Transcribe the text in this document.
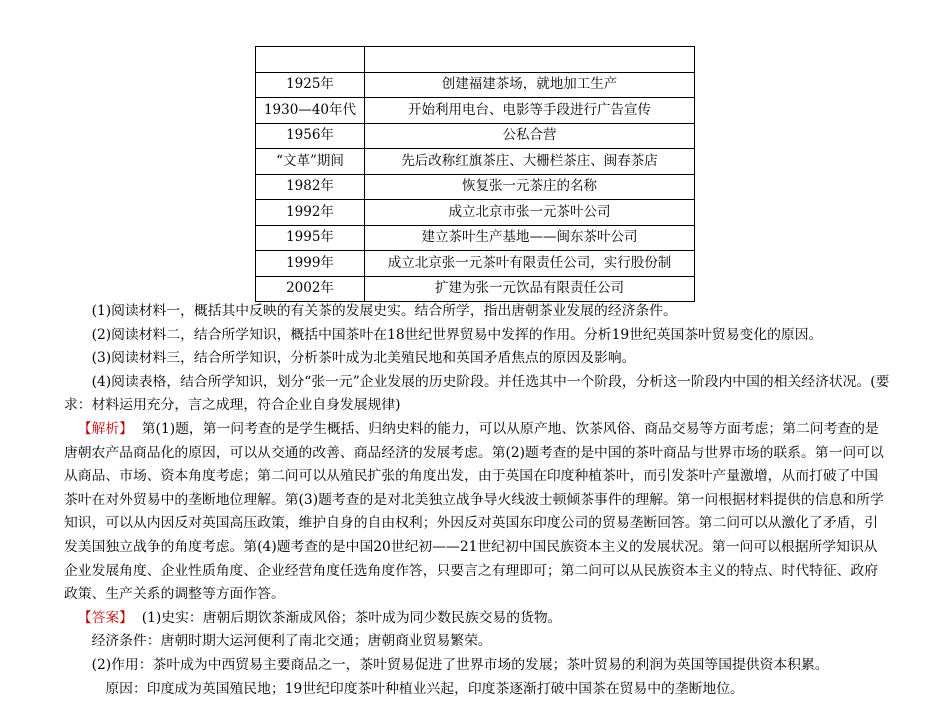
1925年	创建福建茶场，就地加工生产
1930—40年代	开始利用电台、电影等手段进行广告宣传
1956年	公私合营
“文革”期间	先后改称红旗茶庄、大栅栏茶庄、闽春茶店
1982年	恢复张一元茶庄的名称
1992年	成立北京市张一元茶叶公司
1995年	建立茶叶生产基地——闽东茶叶公司
1999年	成立北京张一元茶叶有限责任公司，实行股份制
2002年	扩建为张一元饮品有限责任公司

(1)阅读材料一，概括其中反映的有关茶的发展史实。结合所学，指出唐朝茶业发展的经济条件。

(2)阅读材料二，结合所学知识，概括中国茶叶在18世纪世界贸易中发挥的作用。分析19世纪英国茶叶贸易变化的原因。

(3)阅读材料三，结合所学知识，分析茶叶成为北美殖民地和英国矛盾焦点的原因及影响。

(4)阅读表格，结合所学知识，划分“张一元”企业发展的历史阶段。并任选其中一个阶段，分析这一阶段内中国的相关经济状况。(要求：材料运用充分，言之成理，符合企业自身发展规律)

【解析】 第(1)题，第一问考查的是学生概括、归纳史料的能力，可以从原产地、饮茶风俗、商品交易等方面考虑；第二问考查的是唐朝农产品商品化的原因，可以从交通的改善、商品经济的发展考虑。第(2)题考查的是中国的茶叶商品与世界市场的联系。第一问可以从商品、市场、资本角度考虑；第二问可以从殖民扩张的角度出发，由于英国在印度种植茶叶，而引发茶叶产量激增，从而打破了中国茶叶在对外贸易中的垄断地位理解。第(3)题考查的是对北美独立战争导火线波士顿倾茶事件的理解。第一问根据材料提供的信息和所学知识，可以从内因反对英国高压政策，维护自身的自由权利；外因反对英国东印度公司的贸易垄断回答。第二问可以从激化了矛盾，引发美国独立战争的角度考虑。第(4)题考查的是中国20世纪初——21世纪初中国民族资本主义的发展状况。第一问可以根据所学知识从企业发展角度、企业性质角度、企业经营角度任选角度作答，只要言之有理即可；第二问可以从民族资本主义的特点、时代特征、政府政策、生产关系的调整等方面作答。

【答案】 (1)史实：唐朝后期饮茶渐成风俗；茶叶成为同少数民族交易的货物。

经济条件：唐朝时期大运河便利了南北交通；唐朝商业贸易繁荣。

(2)作用：茶叶成为中西贸易主要商品之一，茶叶贸易促进了世界市场的发展；茶叶贸易的利润为英国等国提供资本积累。

原因：印度成为英国殖民地；19世纪印度茶叶种植业兴起，印度茶逐渐打破中国茶在贸易中的垄断地位。
